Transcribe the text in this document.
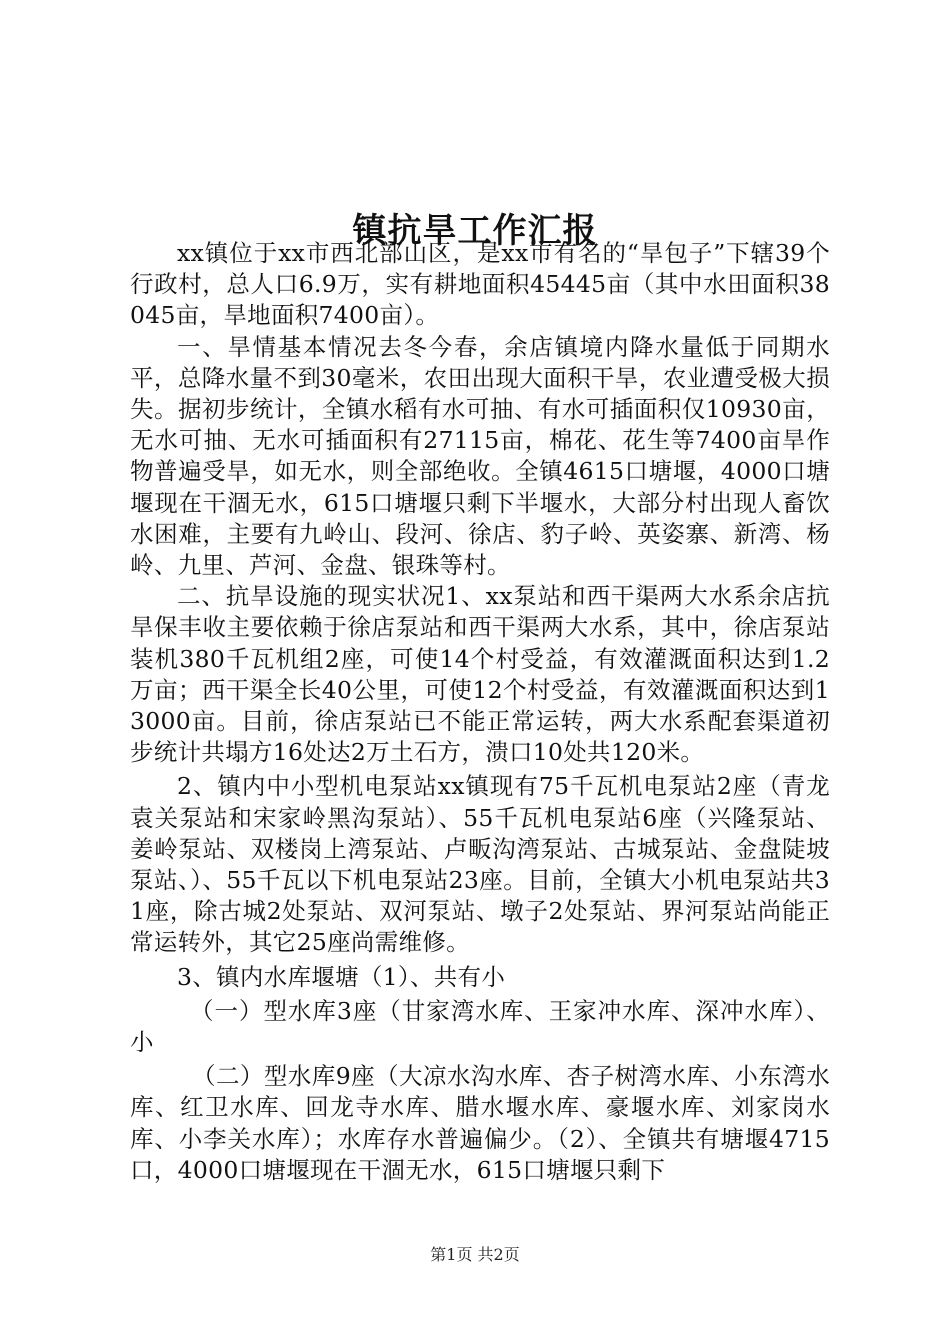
镇抗旱工作汇报

xx镇位于xx市西北部山区，是xx市有名的“旱包子”下辖39个行政村，总人口6.9万，实有耕地面积45445亩（其中水田面积38045亩，旱地面积7400亩）。

一、旱情基本情况去冬今春，余店镇境内降水量低于同期水平，总降水量不到30毫米，农田出现大面积干旱，农业遭受极大损失。据初步统计，全镇水稻有水可抽、有水可插面积仅10930亩，无水可抽、无水可插面积有27115亩，棉花、花生等7400亩旱作物普遍受旱，如无水，则全部绝收。全镇4615口塘堰，4000口塘堰现在干涸无水，615口塘堰只剩下半堰水，大部分村出现人畜饮水困难，主要有九岭山、段河、徐店、豹子岭、英姿寨、新湾、杨岭、九里、芦河、金盘、银珠等村。

二、抗旱设施的现实状况1、xx泵站和西干渠两大水系余店抗旱保丰收主要依赖于徐店泵站和西干渠两大水系，其中，徐店泵站装机380千瓦机组2座，可使14个村受益，有效灌溉面积达到1.2万亩；西干渠全长40公里，可使12个村受益，有效灌溉面积达到13000亩。目前，徐店泵站已不能正常运转，两大水系配套渠道初步统计共塌方16处达2万土石方，溃口10处共120米。

2、镇内中小型机电泵站xx镇现有75千瓦机电泵站2座（青龙袁关泵站和宋家岭黑沟泵站）、55千瓦机电泵站6座（兴隆泵站、姜岭泵站、双楼岗上湾泵站、卢畈沟湾泵站、古城泵站、金盘陡坡泵站、）、55千瓦以下机电泵站23座。目前，全镇大小机电泵站共31座，除古城2处泵站、双河泵站、墩子2处泵站、界河泵站尚能正常运转外，其它25座尚需维修。

3、镇内水库堰塘（1）、共有小

（一）型水库3座（甘家湾水库、王家冲水库、深冲水库）、小

（二）型水库9座（大凉水沟水库、杏子树湾水库、小东湾水库、红卫水库、回龙寺水库、腊水堰水库、豪堰水库、刘家岗水库、小李关水库）；水库存水普遍偏少。（2）、全镇共有塘堰4715口，4000口塘堰现在干涸无水，615口塘堰只剩下

第1页 共2页
